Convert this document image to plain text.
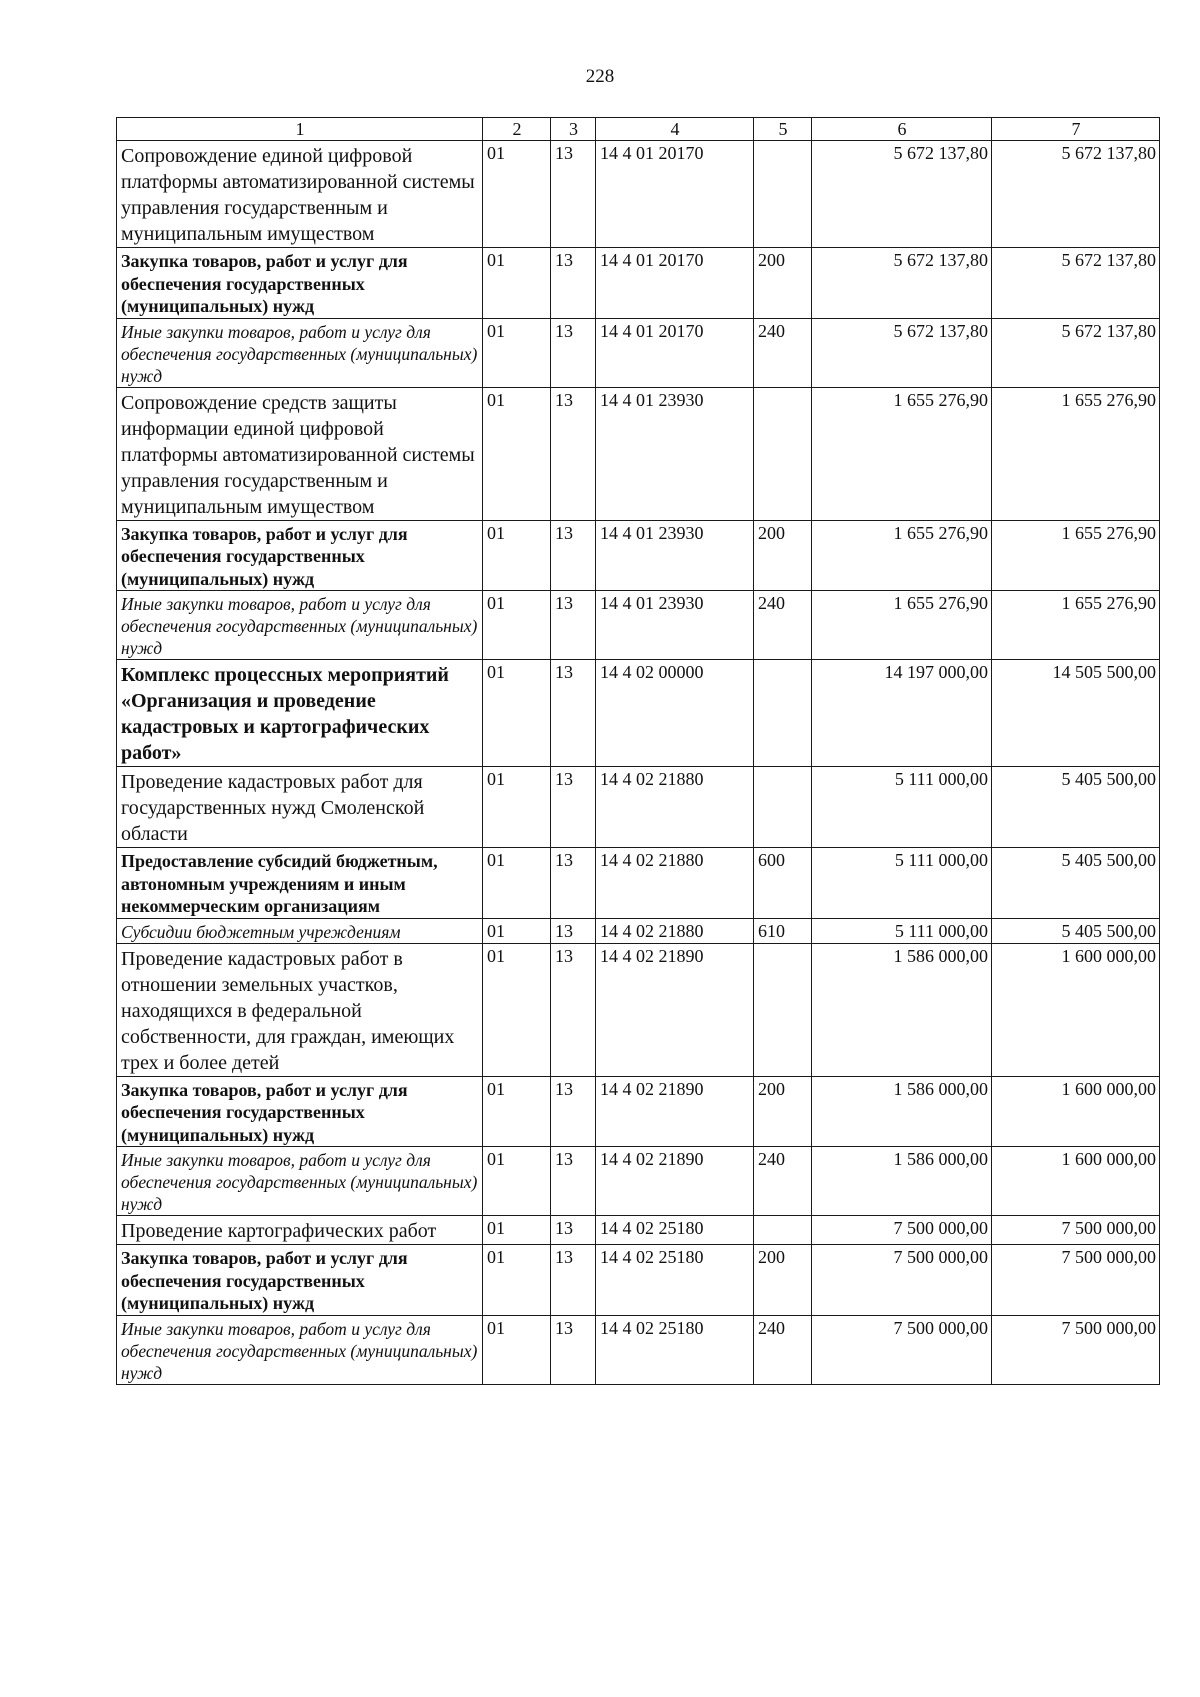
228
1	2	3	4	5	6	7
Сопровождение единой цифровой платформы автоматизированной системы управления государственным и муниципальным имуществом	01	13	14 4 01 20170		5 672 137,80	5 672 137,80
Закупка товаров, работ и услуг для обеспечения государственных (муниципальных) нужд	01	13	14 4 01 20170	200	5 672 137,80	5 672 137,80
Иные закупки товаров, работ и услуг для обеспечения государственных (муниципальных) нужд	01	13	14 4 01 20170	240	5 672 137,80	5 672 137,80
Сопровождение средств защиты информации единой цифровой платформы автоматизированной системы управления государственным и муниципальным имуществом	01	13	14 4 01 23930		1 655 276,90	1 655 276,90
Закупка товаров, работ и услуг для обеспечения государственных (муниципальных) нужд	01	13	14 4 01 23930	200	1 655 276,90	1 655 276,90
Иные закупки товаров, работ и услуг для обеспечения государственных (муниципальных) нужд	01	13	14 4 01 23930	240	1 655 276,90	1 655 276,90
Комплекс процессных мероприятий «Организация и проведение кадастровых и картографических работ»	01	13	14 4 02 00000		14 197 000,00	14 505 500,00
Проведение кадастровых работ для государственных нужд Смоленской области	01	13	14 4 02 21880		5 111 000,00	5 405 500,00
Предоставление субсидий бюджетным, автономным учреждениям и иным некоммерческим организациям	01	13	14 4 02 21880	600	5 111 000,00	5 405 500,00
Субсидии бюджетным учреждениям	01	13	14 4 02 21880	610	5 111 000,00	5 405 500,00
Проведение кадастровых работ в отношении земельных участков, находящихся в федеральной собственности, для граждан, имеющих трех и более детей	01	13	14 4 02 21890		1 586 000,00	1 600 000,00
Закупка товаров, работ и услуг для обеспечения государственных (муниципальных) нужд	01	13	14 4 02 21890	200	1 586 000,00	1 600 000,00
Иные закупки товаров, работ и услуг для обеспечения государственных (муниципальных) нужд	01	13	14 4 02 21890	240	1 586 000,00	1 600 000,00
Проведение картографических работ	01	13	14 4 02 25180		7 500 000,00	7 500 000,00
Закупка товаров, работ и услуг для обеспечения государственных (муниципальных) нужд	01	13	14 4 02 25180	200	7 500 000,00	7 500 000,00
Иные закупки товаров, работ и услуг для обеспечения государственных (муниципальных) нужд	01	13	14 4 02 25180	240	7 500 000,00	7 500 000,00
